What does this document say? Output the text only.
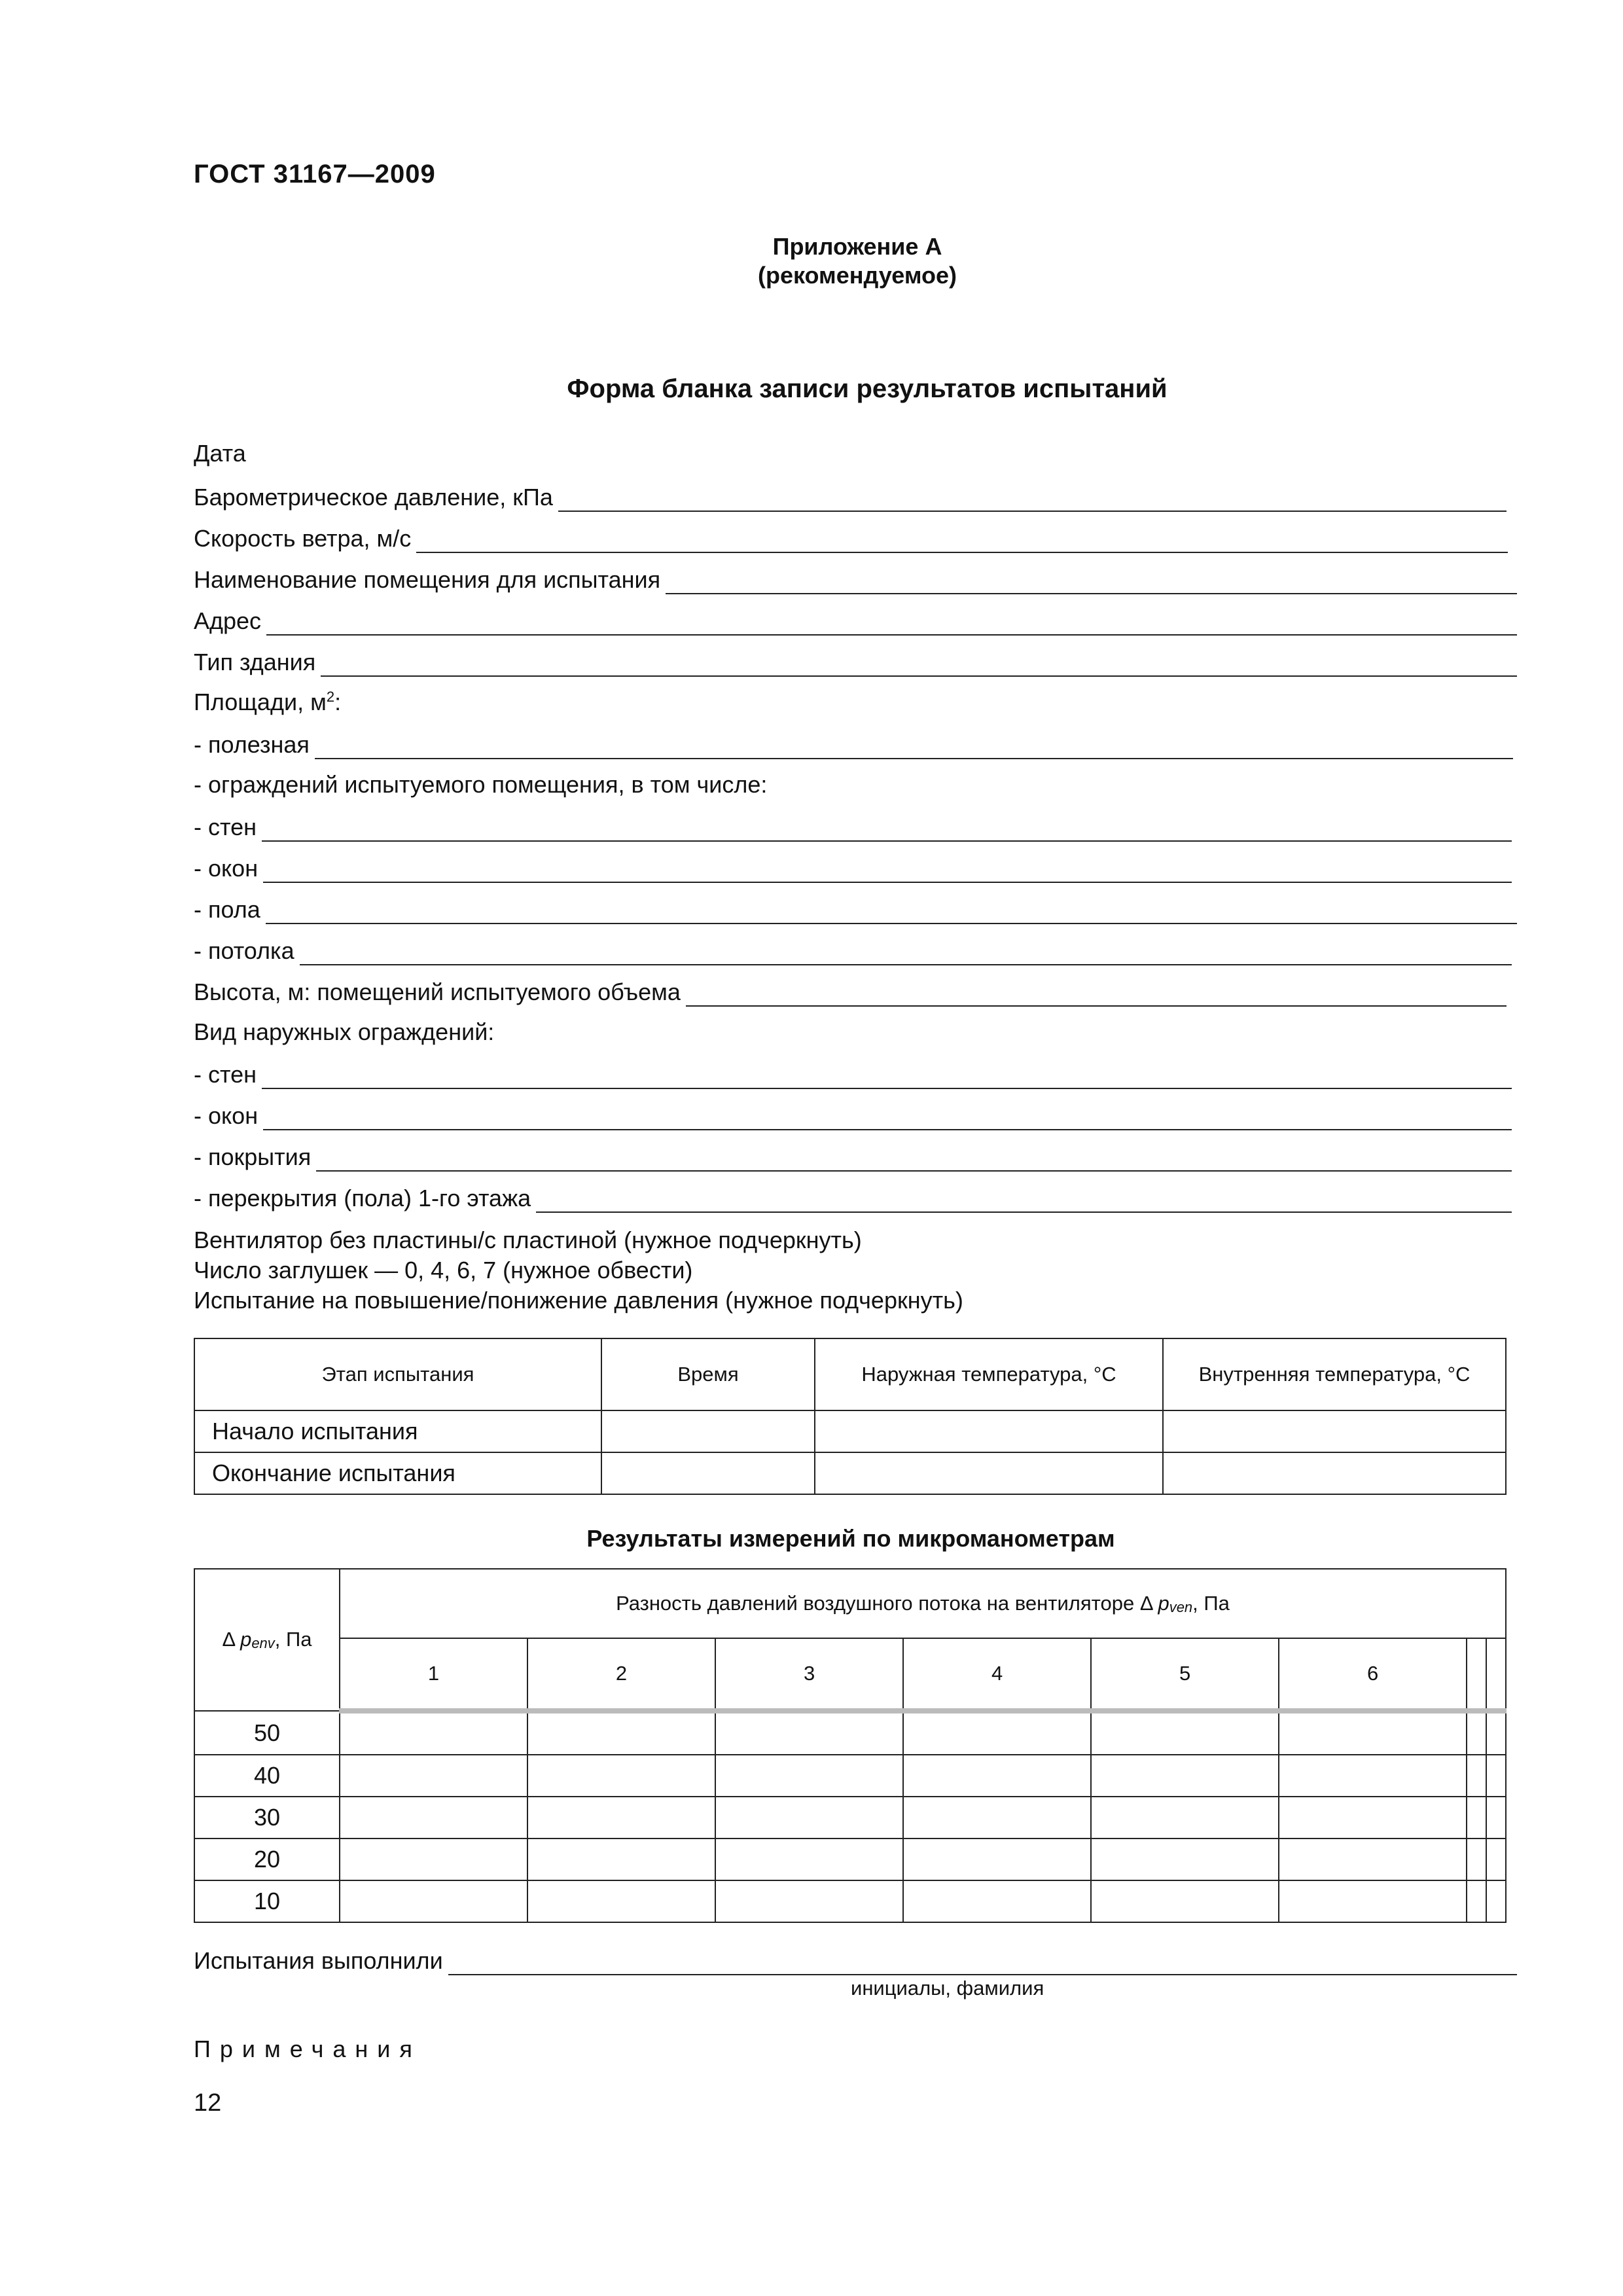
ГОСТ 31167—2009
Приложение А
(рекомендуемое)
Форма бланка записи результатов испытаний
Дата
Барометрическое давление, кПа
Скорость ветра, м/с
Наименование помещения для испытания
Адрес
Тип здания
Площади, $м^2$:
- полезная
- ограждений испытуемого помещения, в том числе:
- стен
- окон
- пола
- потолка
Высота, м: помещений испытуемого объема
Вид наружных ограждений:
- стен
- окон
- покрытия
- перекрытия (пола) 1-го этажа
Вентилятор без пластины/с пластиной (нужное подчеркнуть)
Число заглушек — 0, 4, 6, 7 (нужное обвести)
Испытание на повышение/понижение давления (нужное подчеркнуть)
Этап испытания	Время	Наружная температура, °С	Внутренняя температура, °С
Начало испытания			
Окончание испытания			
Результаты измерений по микроманометрам
Δ penv, Па	Разность давлений воздушного потока на вентиляторе Δ pven, Па							
	1	2	3	4	5	6		
50								
40								
30								
20								
10								
Испытания выполнили
инициалы, фамилия
Примечания
12
